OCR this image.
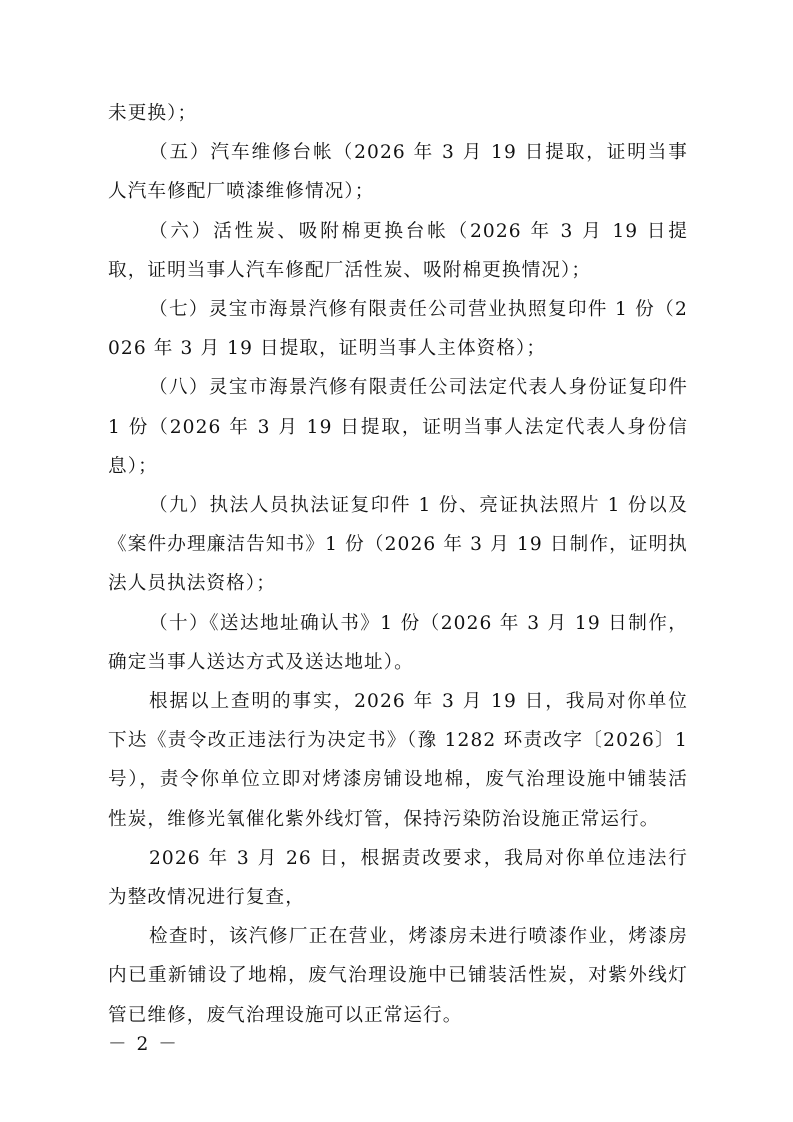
未更换）；

（五）汽车维修台帐（2026 年 3 月 19 日提取，证明当事人汽车修配厂喷漆维修情况）；

（六）活性炭、吸附棉更换台帐（2026 年 3 月 19 日提取，证明当事人汽车修配厂活性炭、吸附棉更换情况）；

（七）灵宝市海景汽修有限责任公司营业执照复印件 1 份（2026 年 3 月 19 日提取，证明当事人主体资格）；

（八）灵宝市海景汽修有限责任公司法定代表人身份证复印件 1 份（2026 年 3 月 19 日提取，证明当事人法定代表人身份信息）；

（九）执法人员执法证复印件 1 份、亮证执法照片 1 份以及《案件办理廉洁告知书》1 份（2026 年 3 月 19 日制作，证明执法人员执法资格）；

（十）《送达地址确认书》1 份（2026 年 3 月 19 日制作，确定当事人送达方式及送达地址）。

根据以上查明的事实，2026 年 3 月 19 日，我局对你单位下达《责令改正违法行为决定书》（豫 1282 环责改字〔2026〕1 号），责令你单位立即对烤漆房铺设地棉，废气治理设施中铺装活性炭，维修光氧催化紫外线灯管，保持污染防治设施正常运行。

2026 年 3 月 26 日，根据责改要求，我局对你单位违法行为整改情况进行复查，

检查时，该汽修厂正在营业，烤漆房未进行喷漆作业，烤漆房内已重新铺设了地棉，废气治理设施中已铺装活性炭，对紫外线灯管已维修，废气治理设施可以正常运行。

－ 2 －
